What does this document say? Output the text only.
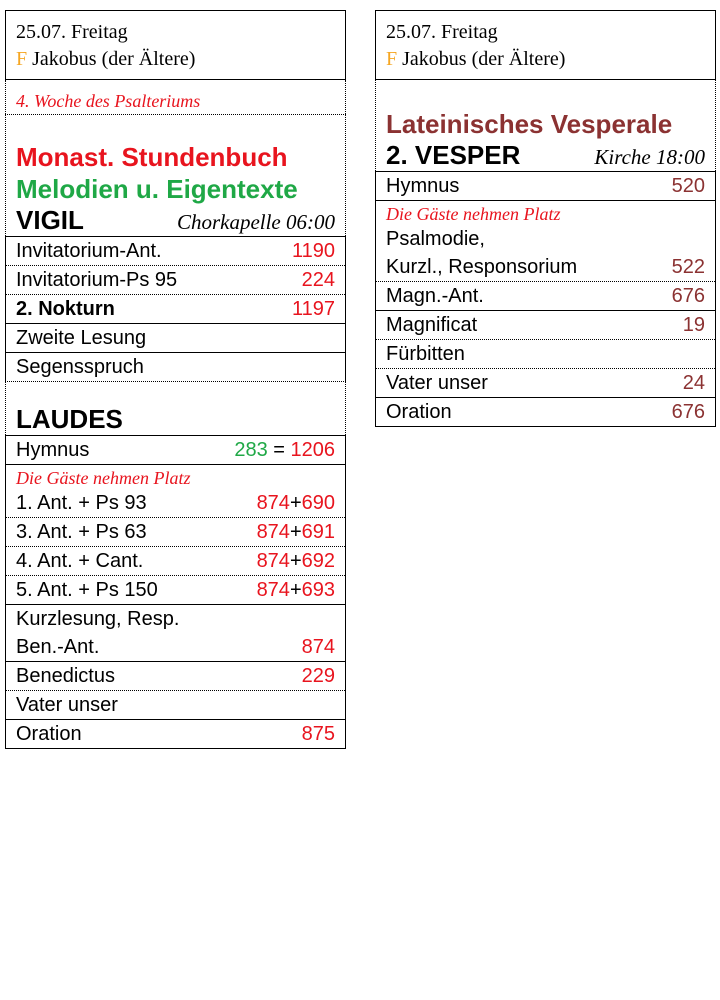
25.07. Freitag
F Jakobus (der Ältere)
4. Woche des Psalteriums
Monast. Stundenbuch
Melodien u. Eigentexte
VIGIL	Chorkapelle 06:00
Invitatorium-Ant.	1190
Invitatorium-Ps 95	224
2. Nokturn	1197
Zweite Lesung
Segensspruch
LAUDES
Hymnus	283 = 1206
Die Gäste nehmen Platz
1. Ant. + Ps 93	874+690
3. Ant. + Ps 63	874+691
4. Ant. + Cant.	874+692
5. Ant. + Ps 150	874+693
Kurzlesung, Resp.
Ben.-Ant.	874
Benedictus	229
Vater unser
Oration	875
25.07. Freitag
F Jakobus (der Ältere)
Lateinisches Vesperale
2. VESPER	Kirche 18:00
Hymnus	520
Die Gäste nehmen Platz
Psalmodie,
Kurzl., Responsorium	522
Magn.-Ant.	676
Magnificat	19
Fürbitten
Vater unser	24
Oration	676
